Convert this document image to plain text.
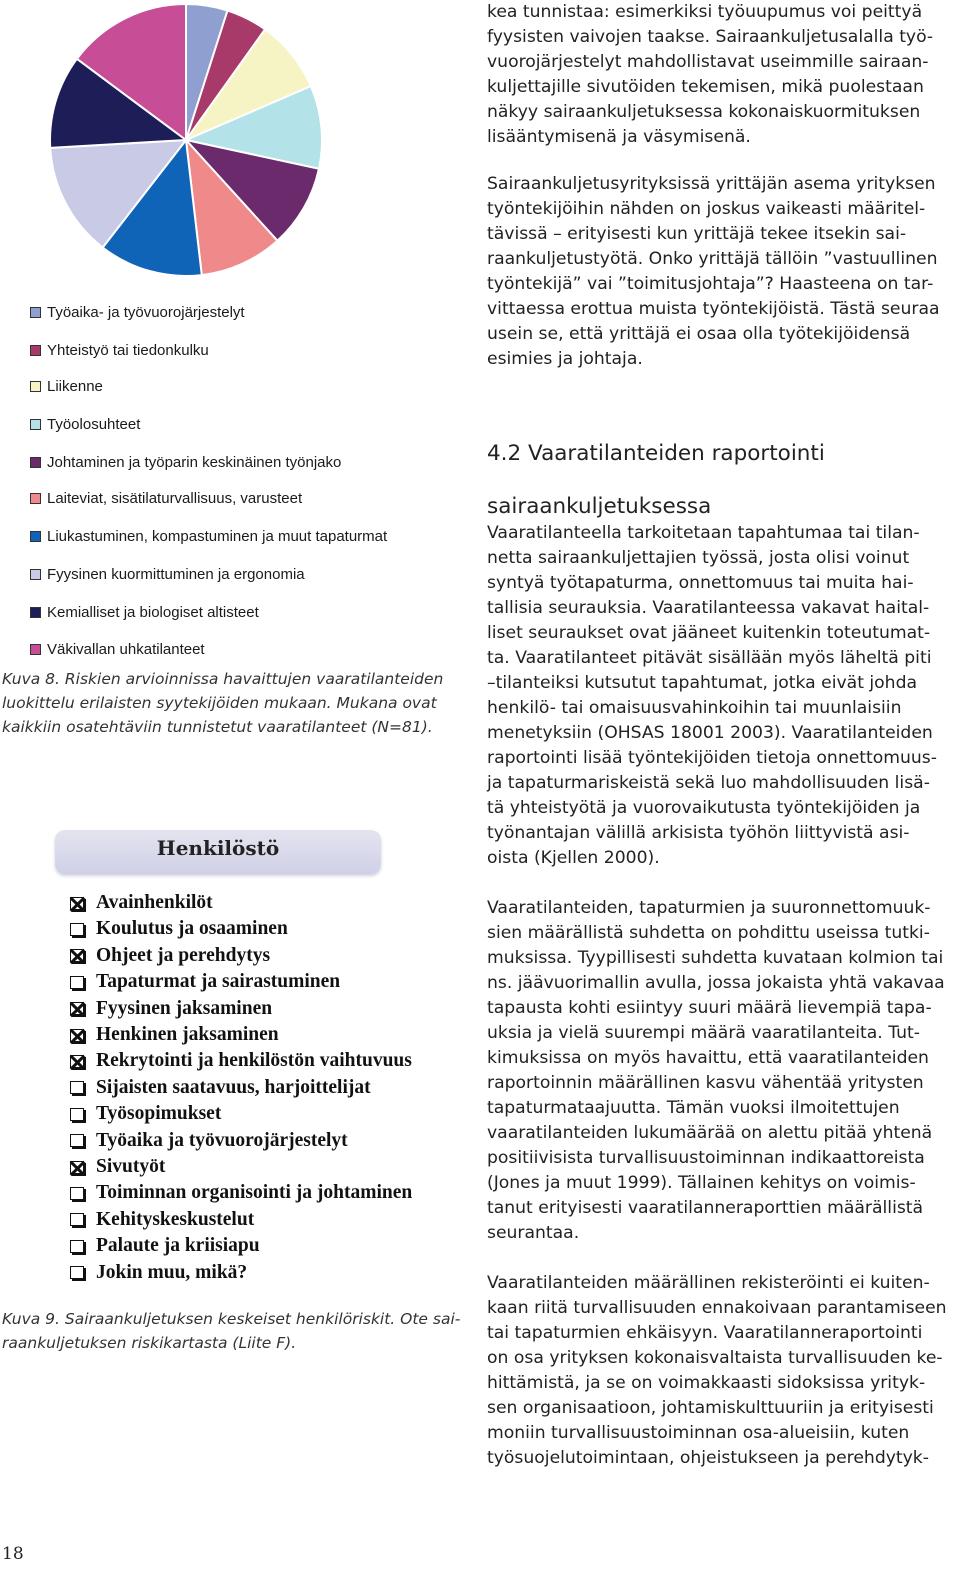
Työaika- ja työvuorojärjestelyt
Yhteistyö tai tiedonkulku
Liikenne
Työolosuhteet
Johtaminen ja työparin keskinäinen työnjako
Laiteviat, sisätilaturvallisuus, varusteet
Liukastuminen, kompastuminen ja muut tapaturmat
Fyysinen kuormittuminen ja ergonomia
Kemialliset ja biologiset altisteet
Väkivallan uhkatilanteet

Kuva 8. Riskien arvioinnissa havaittujen vaaratilanteiden

luokittelu erilaisten syytekijöiden mukaan. Mukana ovat

kaikkiin osatehtäviin tunnistetut vaaratilanteet (N=81).

Henkilöstö
Avainhenkilöt
Koulutus ja osaaminen
Ohjeet ja perehdytys
Tapaturmat ja sairastuminen
Fyysinen jaksaminen
Henkinen jaksaminen
Rekrytointi ja henkilöstön vaihtuvuus
Sijaisten saatavuus, harjoittelijat
Työsopimukset
Työaika ja työvuorojärjestelyt
Sivutyöt
Toiminnan organisointi ja johtaminen
Kehityskeskustelut
Palaute ja kriisiapu
Jokin muu, mikä?

Kuva 9. Sairaankuljetuksen keskeiset henkilöriskit. Ote sai-

raankuljetuksen riskikartasta (Liite F).

kea tunnistaa: esimerkiksi työuupumus voi peittyä

fyysisten vaivojen taakse. Sairaankuljetusalalla työ-

vuorojärjestelyt mahdollistavat useimmille sairaan-

kuljettajille sivutöiden tekemisen, mikä puolestaan

näkyy sairaankuljetuksessa kokonaiskuormituksen

lisääntymisenä ja väsymisenä.

Sairaankuljetusyrityksissä yrittäjän asema yrityksen

työntekijöihin nähden on joskus vaikeasti määritel-

tävissä – erityisesti kun yrittäjä tekee itsekin sai-

raankuljetustyötä. Onko yrittäjä tällöin ”vastuullinen

työntekijä” vai ”toimitusjohtaja”? Haasteena on tar-

vittaessa erottua muista työntekijöistä. Tästä seuraa

usein se, että yrittäjä ei osaa olla työtekijöidensä

esimies ja johtaja.

4.2 Vaaratilanteiden raportointi

sairaankuljetuksessa

Vaaratilanteella tarkoitetaan tapahtumaa tai tilan-

netta sairaankuljettajien työssä, josta olisi voinut

syntyä työtapaturma, onnettomuus tai muita hai-

tallisia seurauksia. Vaaratilanteessa vakavat haital-

liset seuraukset ovat jääneet kuitenkin toteutumat-

ta. Vaaratilanteet pitävät sisällään myös läheltä piti

–tilanteiksi kutsutut tapahtumat, jotka eivät johda

henkilö- tai omaisuusvahinkoihin tai muunlaisiin

menetyksiin (OHSAS 18001 2003). Vaaratilanteiden

raportointi lisää työntekijöiden tietoja onnettomuus-

ja tapaturmariskeistä sekä luo mahdollisuuden lisä-

tä yhteistyötä ja vuorovaikutusta työntekijöiden ja

työnantajan välillä arkisista työhön liittyvistä asi-

oista (Kjellen 2000).

Vaaratilanteiden, tapaturmien ja suuronnettomuuk-

sien määrällistä suhdetta on pohdittu useissa tutki-

muksissa. Tyypillisesti suhdetta kuvataan kolmion tai

ns. jäävuorimallin avulla, jossa jokaista yhtä vakavaa

tapausta kohti esiintyy suuri määrä lievempiä tapa-

uksia ja vielä suurempi määrä vaaratilanteita. Tut-

kimuksissa on myös havaittu, että vaaratilanteiden

raportoinnin määrällinen kasvu vähentää yritysten

tapaturmataajuutta. Tämän vuoksi ilmoitettujen

vaaratilanteiden lukumäärää on alettu pitää yhtenä

positiivisista turvallisuustoiminnan indikaattoreista

(Jones ja muut 1999). Tällainen kehitys on voimis-

tanut erityisesti vaaratilanneraporttien määrällistä

seurantaa.

Vaaratilanteiden määrällinen rekisteröinti ei kuiten-

kaan riitä turvallisuuden ennakoivaan parantamiseen

tai tapaturmien ehkäisyyn. Vaaratilanneraportointi

on osa yrityksen kokonaisvaltaista turvallisuuden ke-

hittämistä, ja se on voimakkaasti sidoksissa yrityk-

sen organisaatioon, johtamiskulttuuriin ja erityisesti

moniin turvallisuustoiminnan osa-alueisiin, kuten

työsuojelutoimintaan, ohjeistukseen ja perehdytyk-

18
